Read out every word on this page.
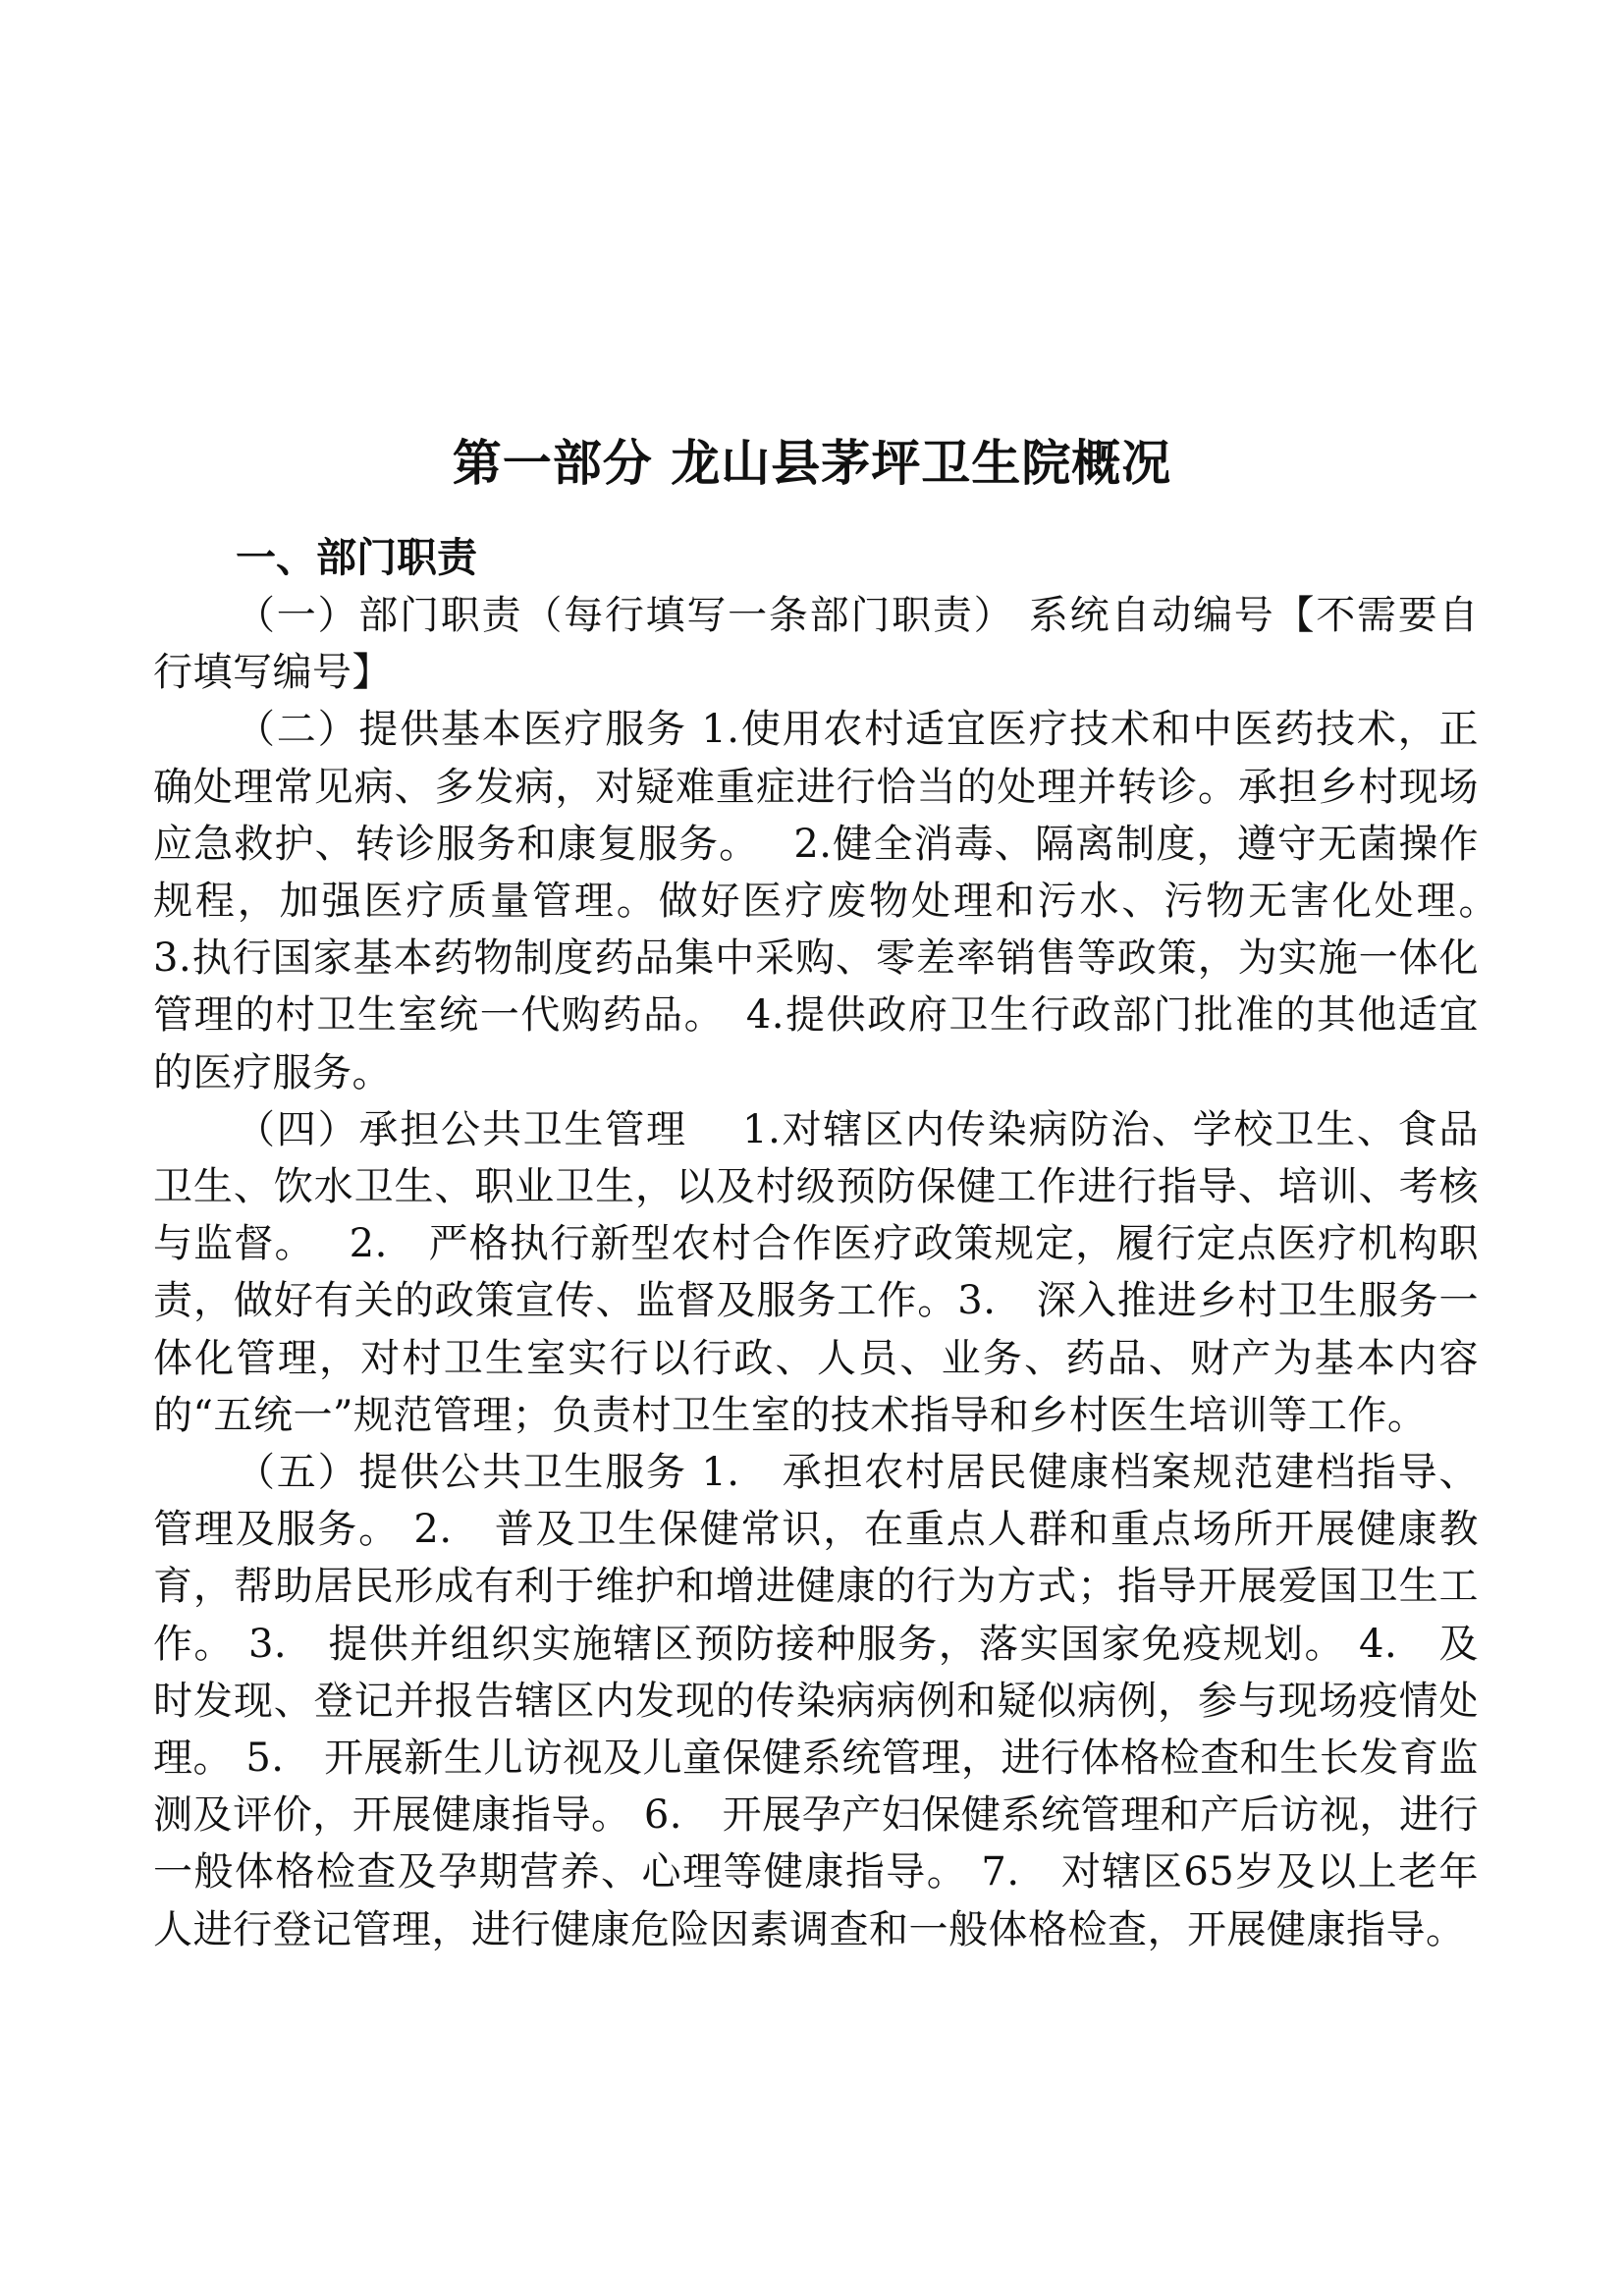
第一部分 龙山县茅坪卫生院概况
一、部门职责

（一）部门职责（每行填写一条部门职责） 系统自动编号【不需要自行填写编号】

（二）提供基本医疗服务 1.使用农村适宜医疗技术和中医药技术，正确处理常见病、多发病，对疑难重症进行恰当的处理并转诊。承担乡村现场应急救护、转诊服务和康复服务。　 2.健全消毒、隔离制度，遵守无菌操作规程，加强医疗质量管理。做好医疗废物处理和污水、污物无害化处理。　 3.执行国家基本药物制度药品集中采购、零差率销售等政策，为实施一体化管理的村卫生室统一代购药品。　4.提供政府卫生行政部门批准的其他适宜的医疗服务。

（四）承担公共卫生管理　 1.对辖区内传染病防治、学校卫生、食品卫生、饮水卫生、职业卫生，以及村级预防保健工作进行指导、培训、考核与监督。　 2.　严格执行新型农村合作医疗政策规定，履行定点医疗机构职责，做好有关的政策宣传、监督及服务工作。3.　深入推进乡村卫生服务一体化管理，对村卫生室实行以行政、人员、业务、药品、财产为基本内容的“五统一”规范管理；负责村卫生室的技术指导和乡村医生培训等工作。

（五）提供公共卫生服务 1.　承担农村居民健康档案规范建档指导、管理及服务。 2.　普及卫生保健常识，在重点人群和重点场所开展健康教育，帮助居民形成有利于维护和增进健康的行为方式；指导开展爱国卫生工作。 3.　提供并组织实施辖区预防接种服务，落实国家免疫规划。 4.　及时发现、登记并报告辖区内发现的传染病病例和疑似病例，参与现场疫情处理。 5.　开展新生儿访视及儿童保健系统管理，进行体格检查和生长发育监测及评价，开展健康指导。 6.　开展孕产妇保健系统管理和产后访视，进行一般体格检查及孕期营养、心理等健康指导。 7.　对辖区65岁及以上老年人进行登记管理，进行健康危险因素调查和一般体格检查，开展健康指导。
